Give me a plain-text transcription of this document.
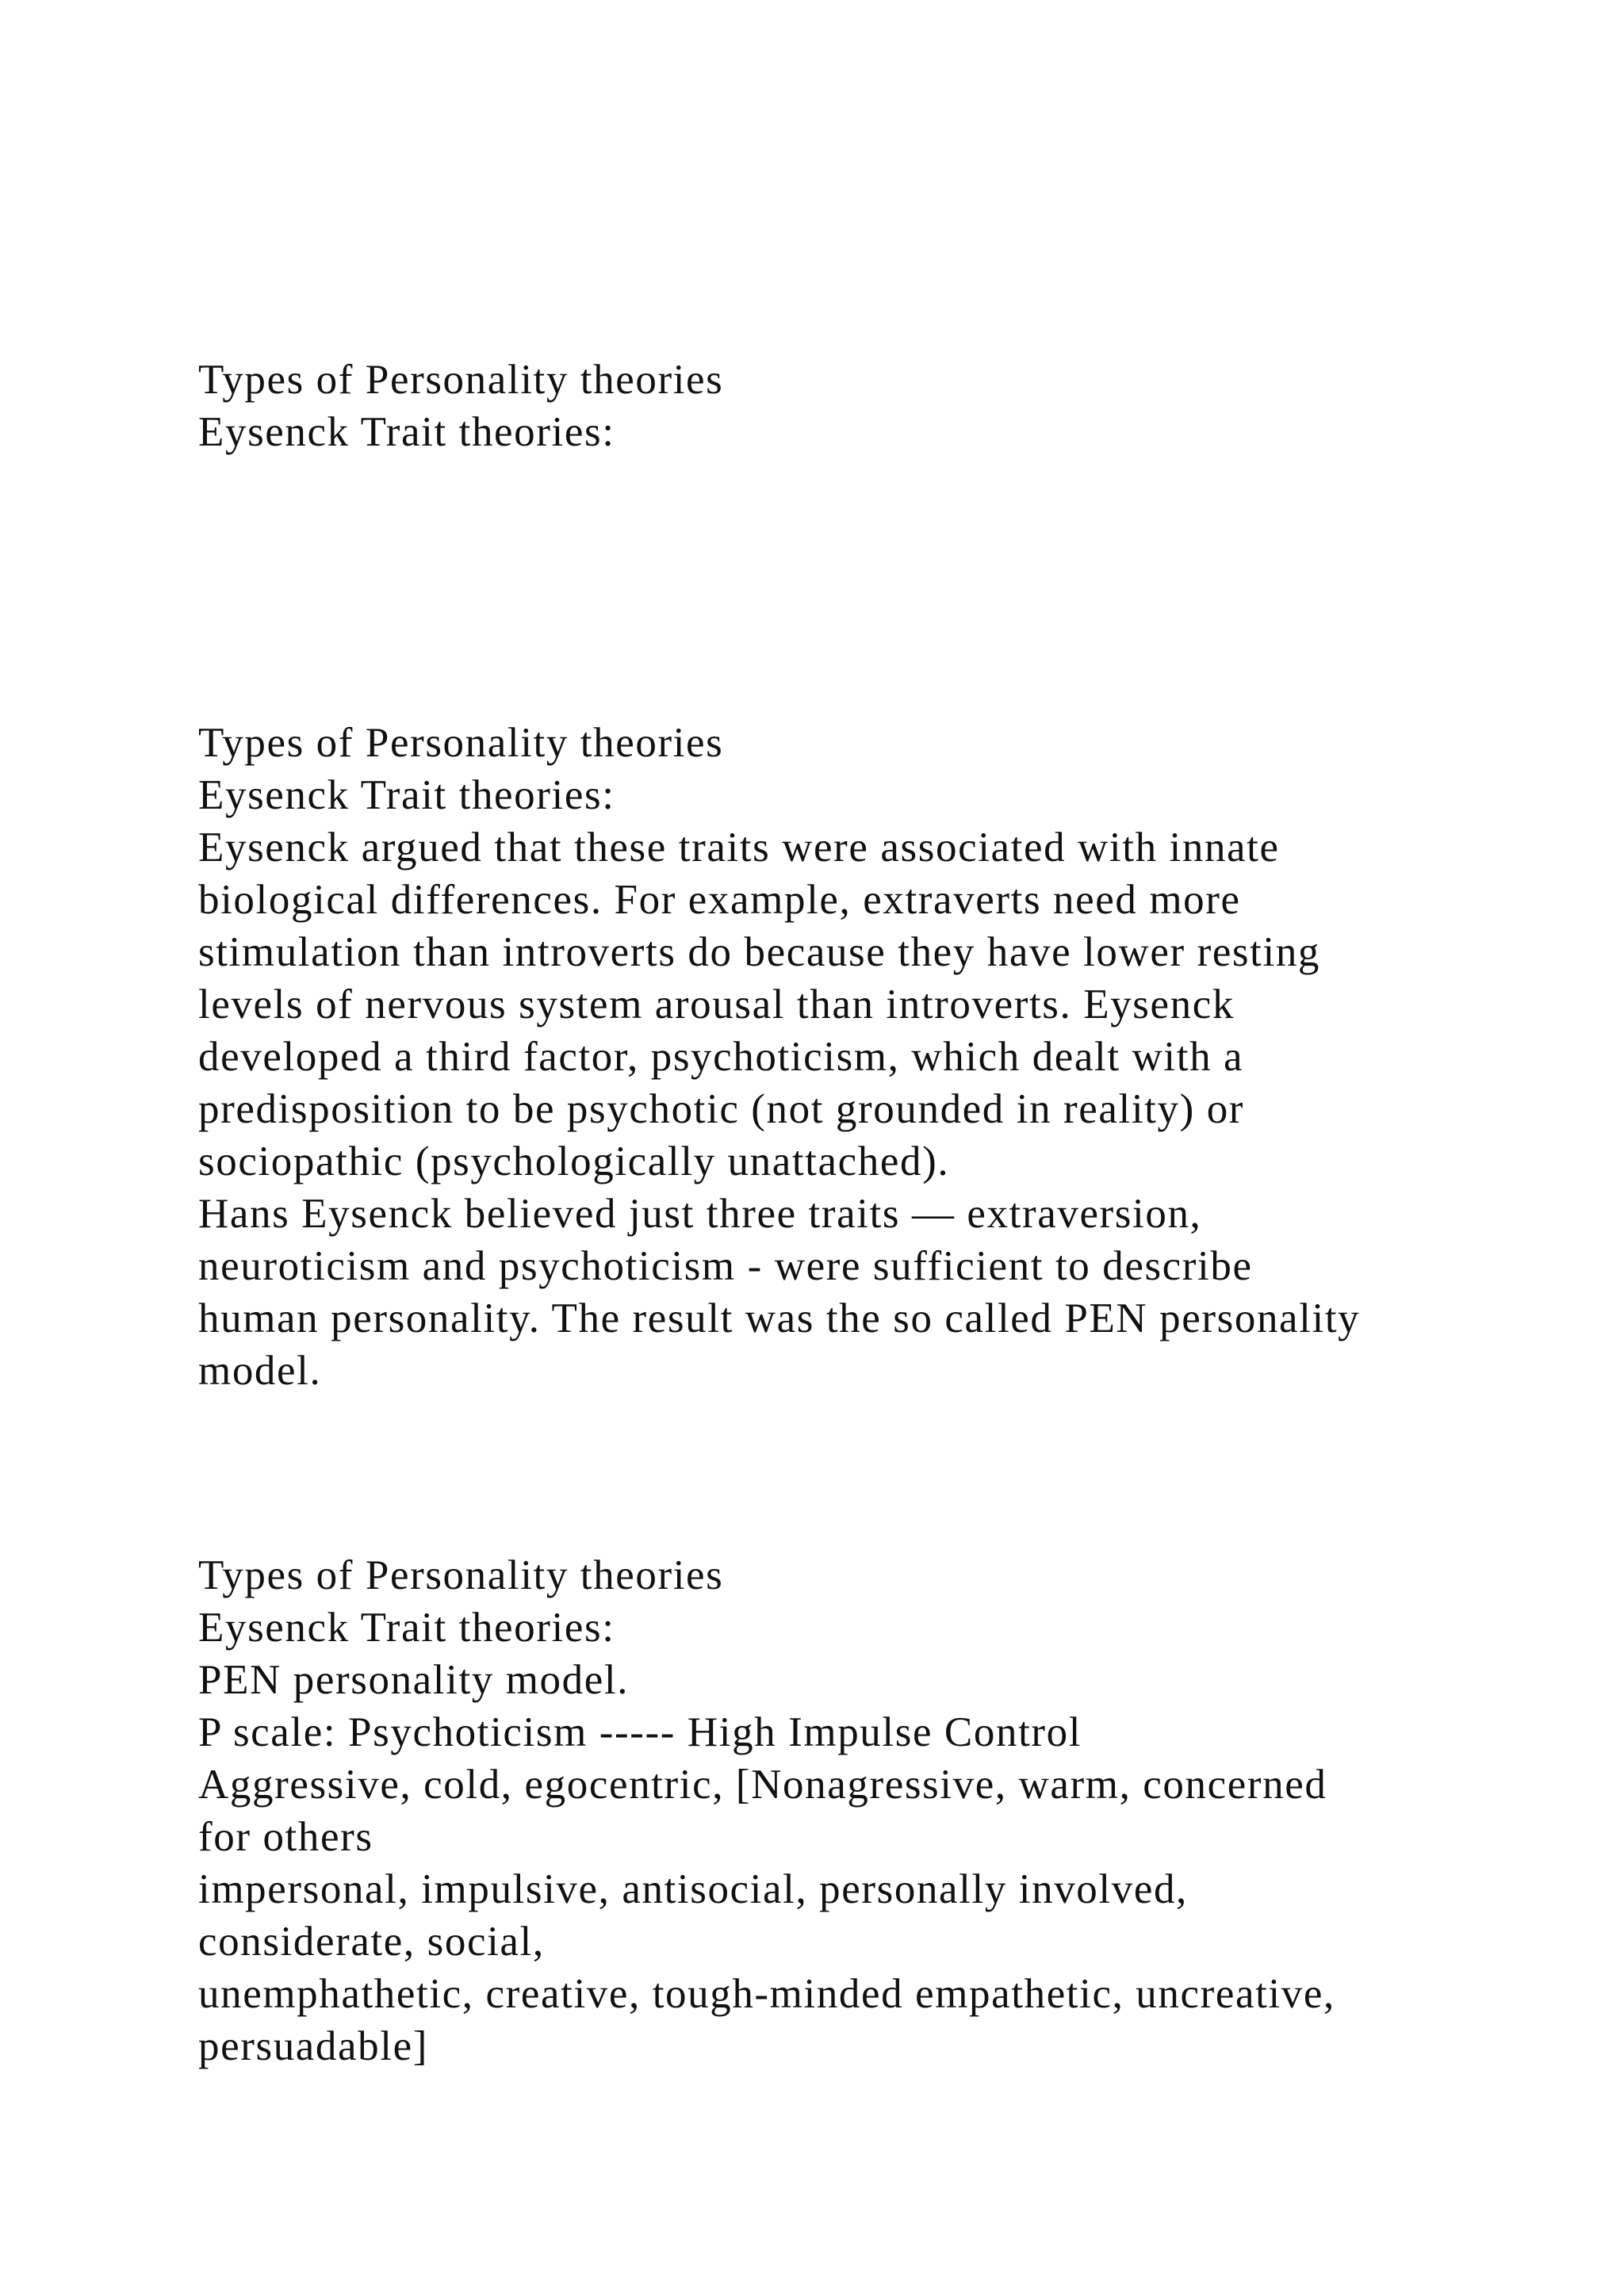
Types of Personality theories
Eysenck Trait theories:
Types of Personality theories
Eysenck Trait theories:
Eysenck argued that these traits were associated with innate
biological differences. For example, extraverts need more
stimulation than introverts do because they have lower resting
levels of nervous system arousal than introverts. Eysenck
developed a third factor, psychoticism, which dealt with a
predisposition to be psychotic (not grounded in reality) or
sociopathic (psychologically unattached).
Hans Eysenck believed just three traits — extraversion,
neuroticism and psychoticism - were sufficient to describe
human personality. The result was the so called PEN personality
model.
Types of Personality theories
Eysenck Trait theories:
PEN personality model.
P scale: Psychoticism ----- High Impulse Control
Aggressive, cold, egocentric, [Nonagressive, warm, concerned
for others
impersonal, impulsive, antisocial, personally involved,
considerate, social,
unemphathetic, creative, tough-minded empathetic, uncreative,
persuadable]
